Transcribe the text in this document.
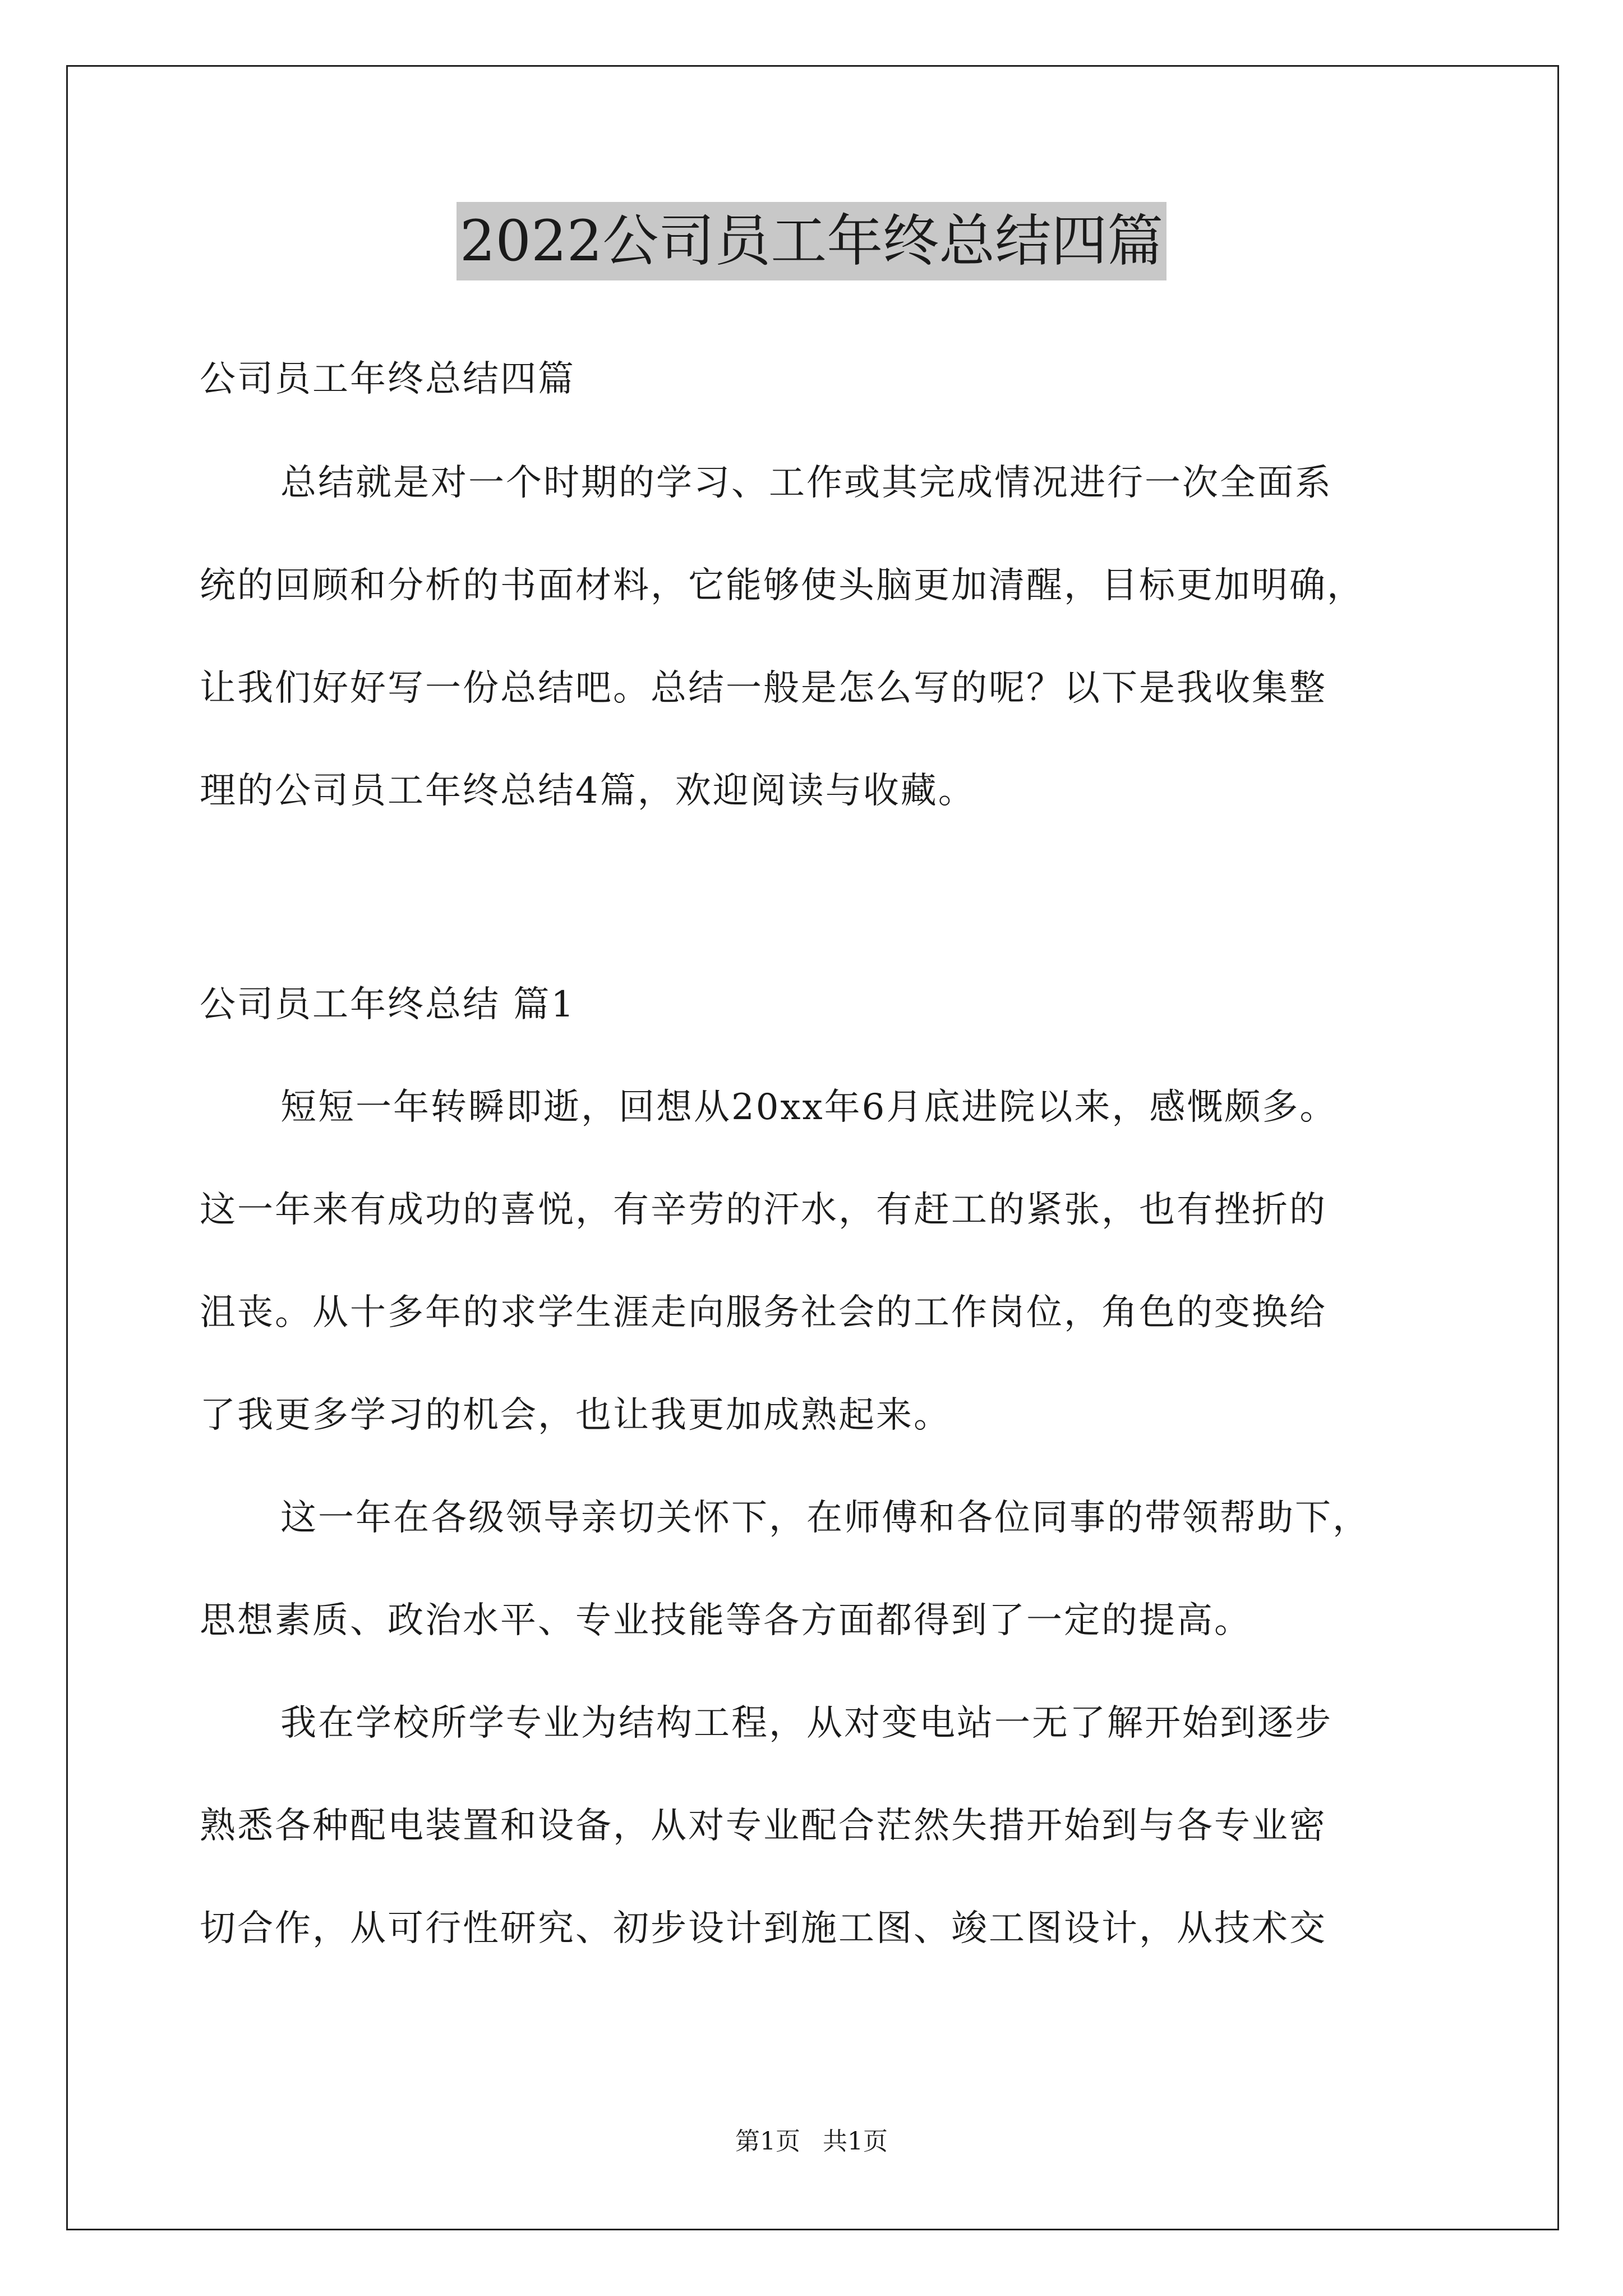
2022公司员工年终总结四篇
公司员工年终总结四篇
总结就是对一个时期的学习、工作或其完成情况进行一次全面系
统的回顾和分析的书面材料，它能够使头脑更加清醒，目标更加明确，
让我们好好写一份总结吧。总结一般是怎么写的呢？以下是我收集整
理的公司员工年终总结4篇，欢迎阅读与收藏。
公司员工年终总结 篇1
短短一年转瞬即逝，回想从20xx年6月底进院以来，感慨颇多。
这一年来有成功的喜悦，有辛劳的汗水，有赶工的紧张，也有挫折的
沮丧。从十多年的求学生涯走向服务社会的工作岗位，角色的变换给
了我更多学习的机会，也让我更加成熟起来。
这一年在各级领导亲切关怀下，在师傅和各位同事的带领帮助下，
思想素质、政治水平、专业技能等各方面都得到了一定的提高。
我在学校所学专业为结构工程，从对变电站一无了解开始到逐步
熟悉各种配电装置和设备，从对专业配合茫然失措开始到与各专业密
切合作，从可行性研究、初步设计到施工图、竣工图设计，从技术交
第1页 共1页
